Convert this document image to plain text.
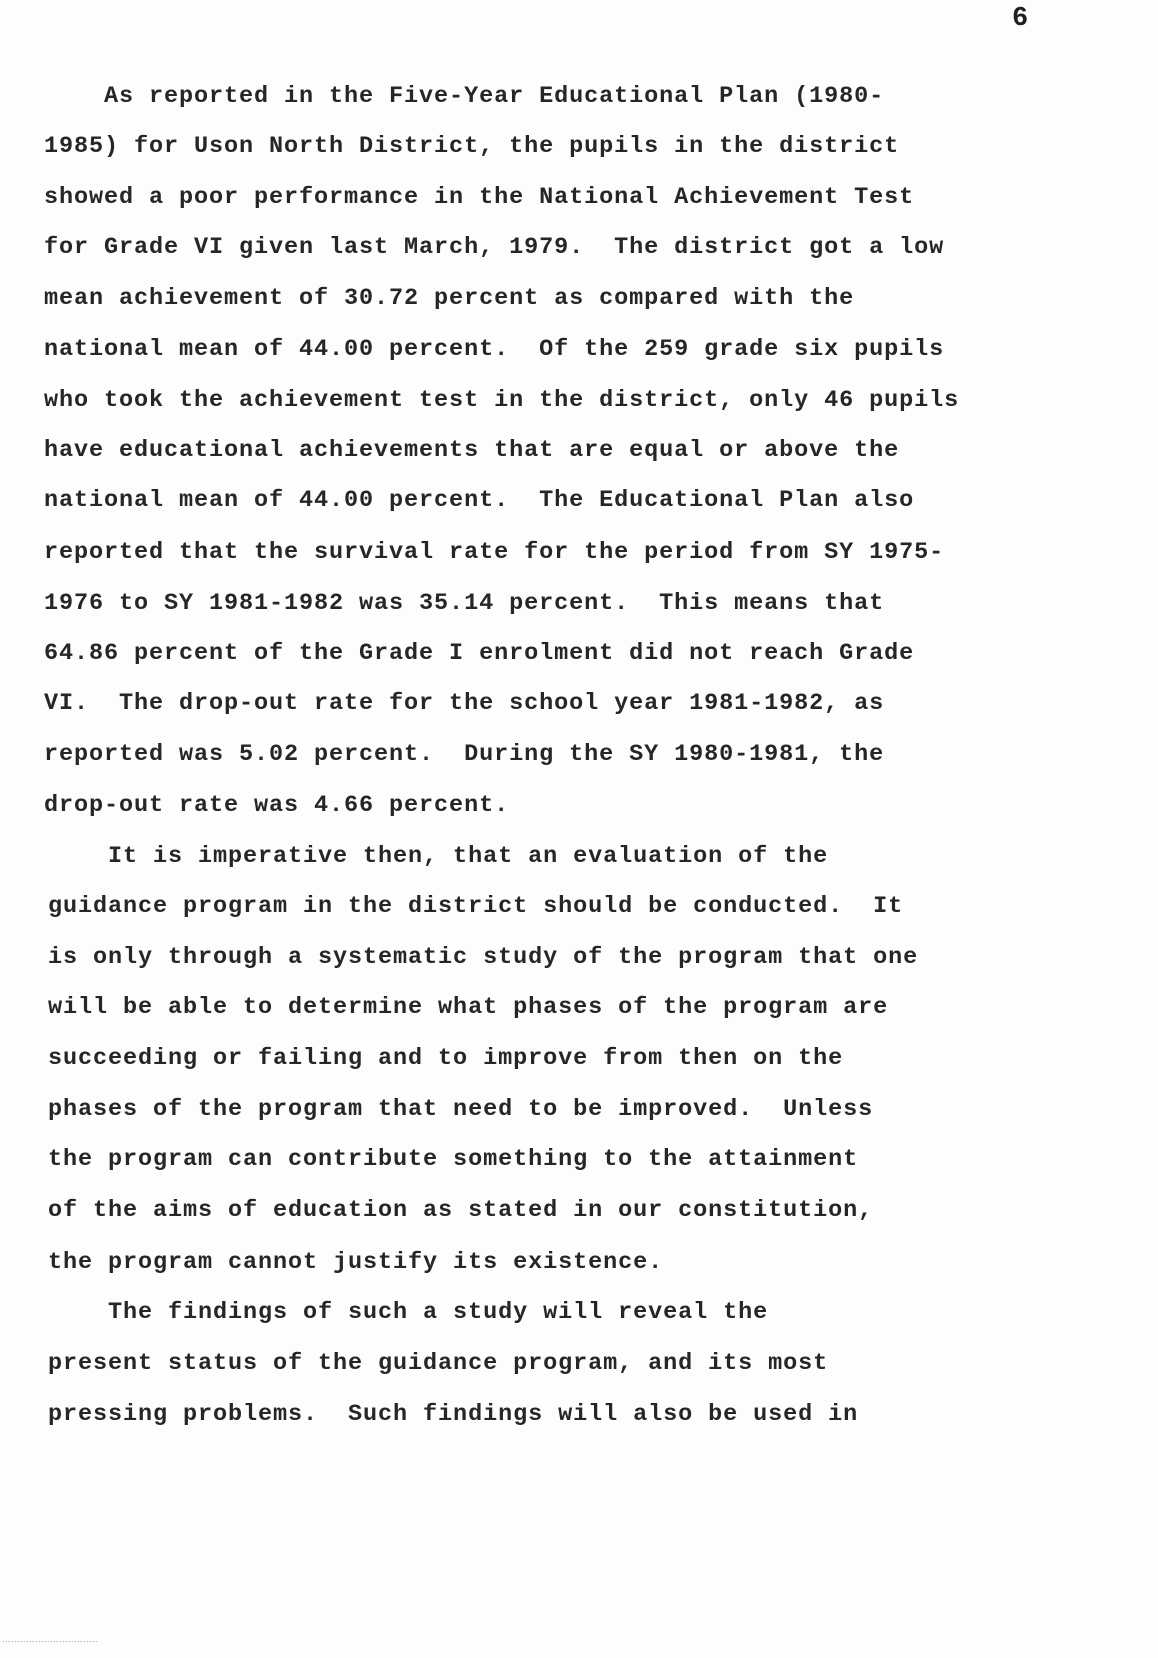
6
As reported in the Five-Year Educational Plan (1980-
1985) for Uson North District, the pupils in the district
showed a poor performance in the National Achievement Test
for Grade VI given last March, 1979.  The district got a low
mean achievement of 30.72 percent as compared with the
national mean of 44.00 percent.  Of the 259 grade six pupils
who took the achievement test in the district, only 46 pupils
have educational achievements that are equal or above the
national mean of 44.00 percent.  The Educational Plan also
reported that the survival rate for the period from SY 1975-
1976 to SY 1981-1982 was 35.14 percent.  This means that
64.86 percent of the Grade I enrolment did not reach Grade
VI.  The drop-out rate for the school year 1981-1982, as
reported was 5.02 percent.  During the SY 1980-1981, the
drop-out rate was 4.66 percent.
It is imperative then, that an evaluation of the
guidance program in the district should be conducted.  It
is only through a systematic study of the program that one
will be able to determine what phases of the program are
succeeding or failing and to improve from then on the
phases of the program that need to be improved.  Unless
the program can contribute something to the attainment
of the aims of education as stated in our constitution,
the program cannot justify its existence.
The findings of such a study will reveal the
present status of the guidance program, and its most
pressing problems.  Such findings will also be used in
................................
